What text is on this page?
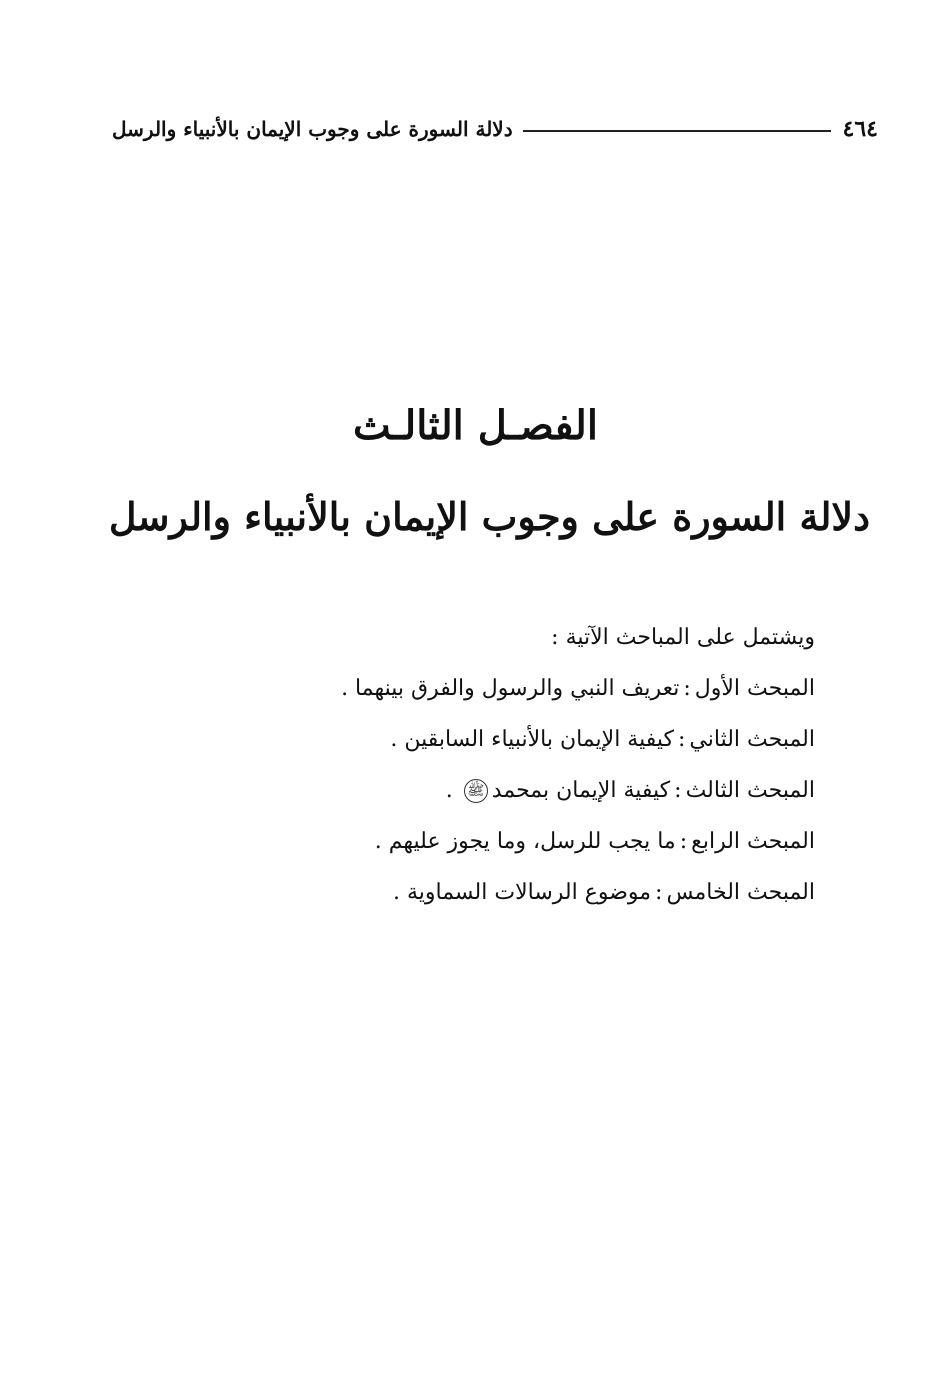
٤٦٤
دلالة السورة على وجوب الإيمان بالأنبياء والرسل
الفصـل الثالـث
دلالة السورة على وجوب الإيمان بالأنبياء والرسل
ويشتمل على المباحث الآتية :
المبحث الأول:تعريف النبي والرسول والفرق بينهما .
المبحث الثاني:كيفية الإيمان بالأنبياء السابقين .
المبحث الثالث:كيفية الإيمان بمحمدﷺ .
المبحث الرابع:ما يجب للرسل، وما يجوز عليهم .
المبحث الخامس:موضوع الرسالات السماوية .
